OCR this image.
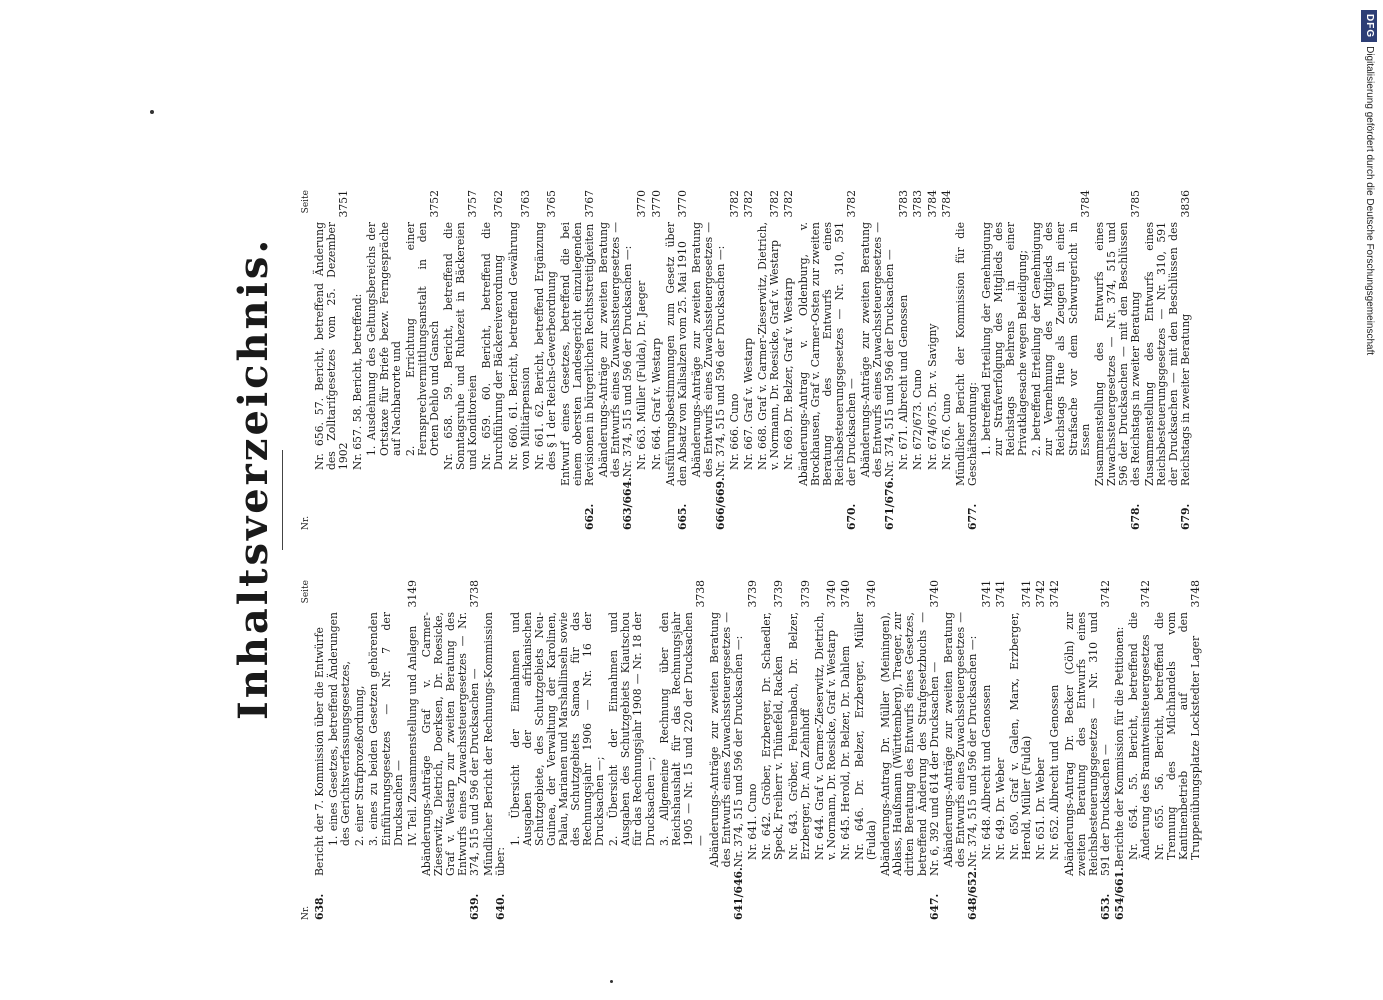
Inhaltsverzeichnis.
Nr.
Seite
638.
Bericht der 7. Kommission über die Entwürfe 1. eines Gesetzes, betreffend Änderungen des Gerichtsverfassungsgesetzes, 2. einer Strafprozeßordnung, 3. eines zu beiden Gesetzen gehörenden Einführungsgesetzes — Nr. 7 der Drucksachen — IV. Teil. Zusammenstellung und Anlagen
3149
639.
Abänderungs-Anträge Graf v. Carmer-Zieserwitz, Dietrich, Doerksen, Dr. Roesicke, Graf v. Westarp zur zweiten Beratung des Entwurfs eines Zuwachssteuergesetzes — Nr. 374, 515 und 596 der Drucksachen —
3738
640.
Mündlicher Bericht der Rechnungs-Kommission über:
1. Übersicht der Einnahmen und Ausgaben der afrikanischen Schutzgebiete, des Schutzgebiets Neu-Guinea, der Verwaltung der Karolinen, Palau, Marianen und Marshallinseln sowie des Schutzgebiets Samoa für das Rechnungsjahr 1906 — Nr. 16 der Drucksachen —; 2. Übersicht der Einnahmen und Ausgaben des Schutzgebiets Kiautschou für das Rechnungsjahr 1908 — Nr. 18 der Drucksachen —; 3. Allgemeine Rechnung über den Reichshaushalt für das Rechnungsjahr 1905 — Nr. 15 und 220 der Drucksachen —
3738
641/646.
Abänderungs-Anträge zur zweiten Beratung des Entwurfs eines Zuwachssteuergesetzes — Nr. 374, 515 und 596 der Drucksachen —: Nr. 641. Cuno
3739
Nr. 642. Gröber, Erzberger, Dr. Schaedler, Speck, Freiherr v. Thünefeld, Racken
3739
Nr. 643. Gröber, Fehrenbach, Dr. Belzer, Erzberger, Dr. Am Zehnhoff
3739
Nr. 644. Graf v. Carmer-Zieserwitz, Dietrich, v. Normann, Dr. Roesicke, Graf v. Westarp
3740
Nr. 645. Herold, Dr. Belzer, Dr. Dahlem
3740
Nr. 646. Dr. Belzer, Erzberger, Müller (Fulda)
3740
647.
Abänderungs-Antrag Dr. Müller (Meiningen), Ablass, Haußmann (Württemberg), Traeger, zur dritten Beratung des Entwurfs eines Gesetzes, betreffend Änderung des Strafgesetzbuchs — Nr. 6, 392 und 614 der Drucksachen —
3740
648/652.
Abänderungs-Anträge zur zweiten Beratung des Entwurfs eines Zuwachssteuergesetzes — Nr. 374, 515 und 596 der Drucksachen —: Nr. 648. Albrecht und Genossen
3741
Nr. 649. Dr. Weber
3741
Nr. 650. Graf v. Galen, Marx, Erzberger, Herold, Müller (Fulda)
3741
Nr. 651. Dr. Weber
3742
Nr. 652. Albrecht und Genossen
3742
653.
Abänderungs-Antrag Dr. Becker (Cöln) zur zweiten Beratung des Entwurfs eines Reichsbesteuerungsgesetzes — Nr. 310 und 591 der Drucksachen —
3742
654/661.
Berichte der Kommission für die Petitionen: Nr. 654. 55. Bericht, betreffend die Änderung des Branntweinsteuergesetzes
3742
Nr. 655. 56. Bericht, betreffend die Trennung des Milchhandels vom Kantinenbetrieb auf den Truppenübungsplatze Lockstedter Lager
3748
Nr.
Seite
Nr. 656. 57. Bericht, betreffend Änderung des Zolltarifgesetzes vom 25. Dezember 1902
3751
Nr. 657. 58. Bericht, betreffend: 1. Ausdehnung des Geltungsbereichs der Ortstaxe für Briefe bezw. Ferngespräche auf Nachbarorte und 2. Errichtung einer Fernsprechvermittlungsanstalt in den Orten Dehlo und Gansch
3752
Nr. 658. 59. Bericht, betreffend die Sonntagsruhe und Ruhezeit in Bäckereien und Konditoreien
3757
Nr. 659. 60. Bericht, betreffend die Durchführung der Bäckereiverordnung
3762
Nr. 660. 61. Bericht, betreffend Gewährung von Militärpension
3763
Nr. 661. 62. Bericht, betreffend Ergänzung des § 1 der Reichs-Gewerbeordnung
3765
662.
Entwurf eines Gesetzes, betreffend die bei einem obersten Landesgericht einzulegenden Revisionen in bürgerlichen Rechtsstreitigkeiten
3767
663/664.
Abänderungs-Anträge zur zweiten Beratung des Entwurfs eines Zuwachssteuergesetzes — Nr. 374, 515 und 596 der Drucksachen —: Nr. 663. Müller (Fulda), Dr. Jaeger
3770
Nr. 664. Graf v. Westarp
3770
665.
Ausführungsbestimmungen zum Gesetz über den Absatz von Kalisalzen vom 25. Mai 1910
3770
666/669.
Abänderungs-Anträge zur zweiten Beratung des Entwurfs eines Zuwachssteuergesetzes — Nr. 374, 515 und 596 der Drucksachen —: Nr. 666. Cuno
3782
Nr. 667. Graf v. Westarp
3782
Nr. 668. Graf v. Carmer-Zieserwitz, Dietrich, v. Normann, Dr. Roesicke, Graf v. Westarp
3782
Nr. 669. Dr. Belzer, Graf v. Westarp
3782
670.
Abänderungs-Antrag v. Oldenburg, v. Brockhausen, Graf v. Carmer-Osten zur zweiten Beratung des Entwurfs eines Reichsbesteuerungsgesetzes — Nr. 310, 591 der Drucksachen —
3782
671/676.
Abänderungs-Anträge zur zweiten Beratung des Entwurfs eines Zuwachssteuergesetzes — Nr. 374, 515 und 596 der Drucksachen — Nr. 671. Albrecht und Genossen
3783
Nr. 672/673. Cuno
3783
Nr. 674/675. Dr. v. Savigny
3784
Nr. 676. Cuno
3784
677.
Mündlicher Bericht der Kommission für die Geschäftsordnung: 1. betreffend Erteilung der Genehmigung zur Strafverfolgung des Mitglieds des Reichstags Behrens in einer Privatklagesache wegen Beleidigung; 2. betreffend Erteilung der Genehmigung zur Vernehmung des Mitglieds des Reichstags Hue als Zeugen in einer Strafsache vor dem Schwurgericht in Essen
3784
678.
Zusammenstellung des Entwurfs eines Zuwachssteuergesetzes — Nr. 374, 515 und 596 der Drucksachen — mit den Beschlüssen des Reichstags in zweiter Beratung
3785
679.
Zusammenstellung des Entwurfs eines Reichsbesteuerungsgesetzes — Nr. 310, 591 der Drucksachen — mit den Beschlüssen des Reichstags in zweiter Beratung
3836
DFGDigitalisierung gefördert durch die Deutsche Forschungsgemeinschaft
